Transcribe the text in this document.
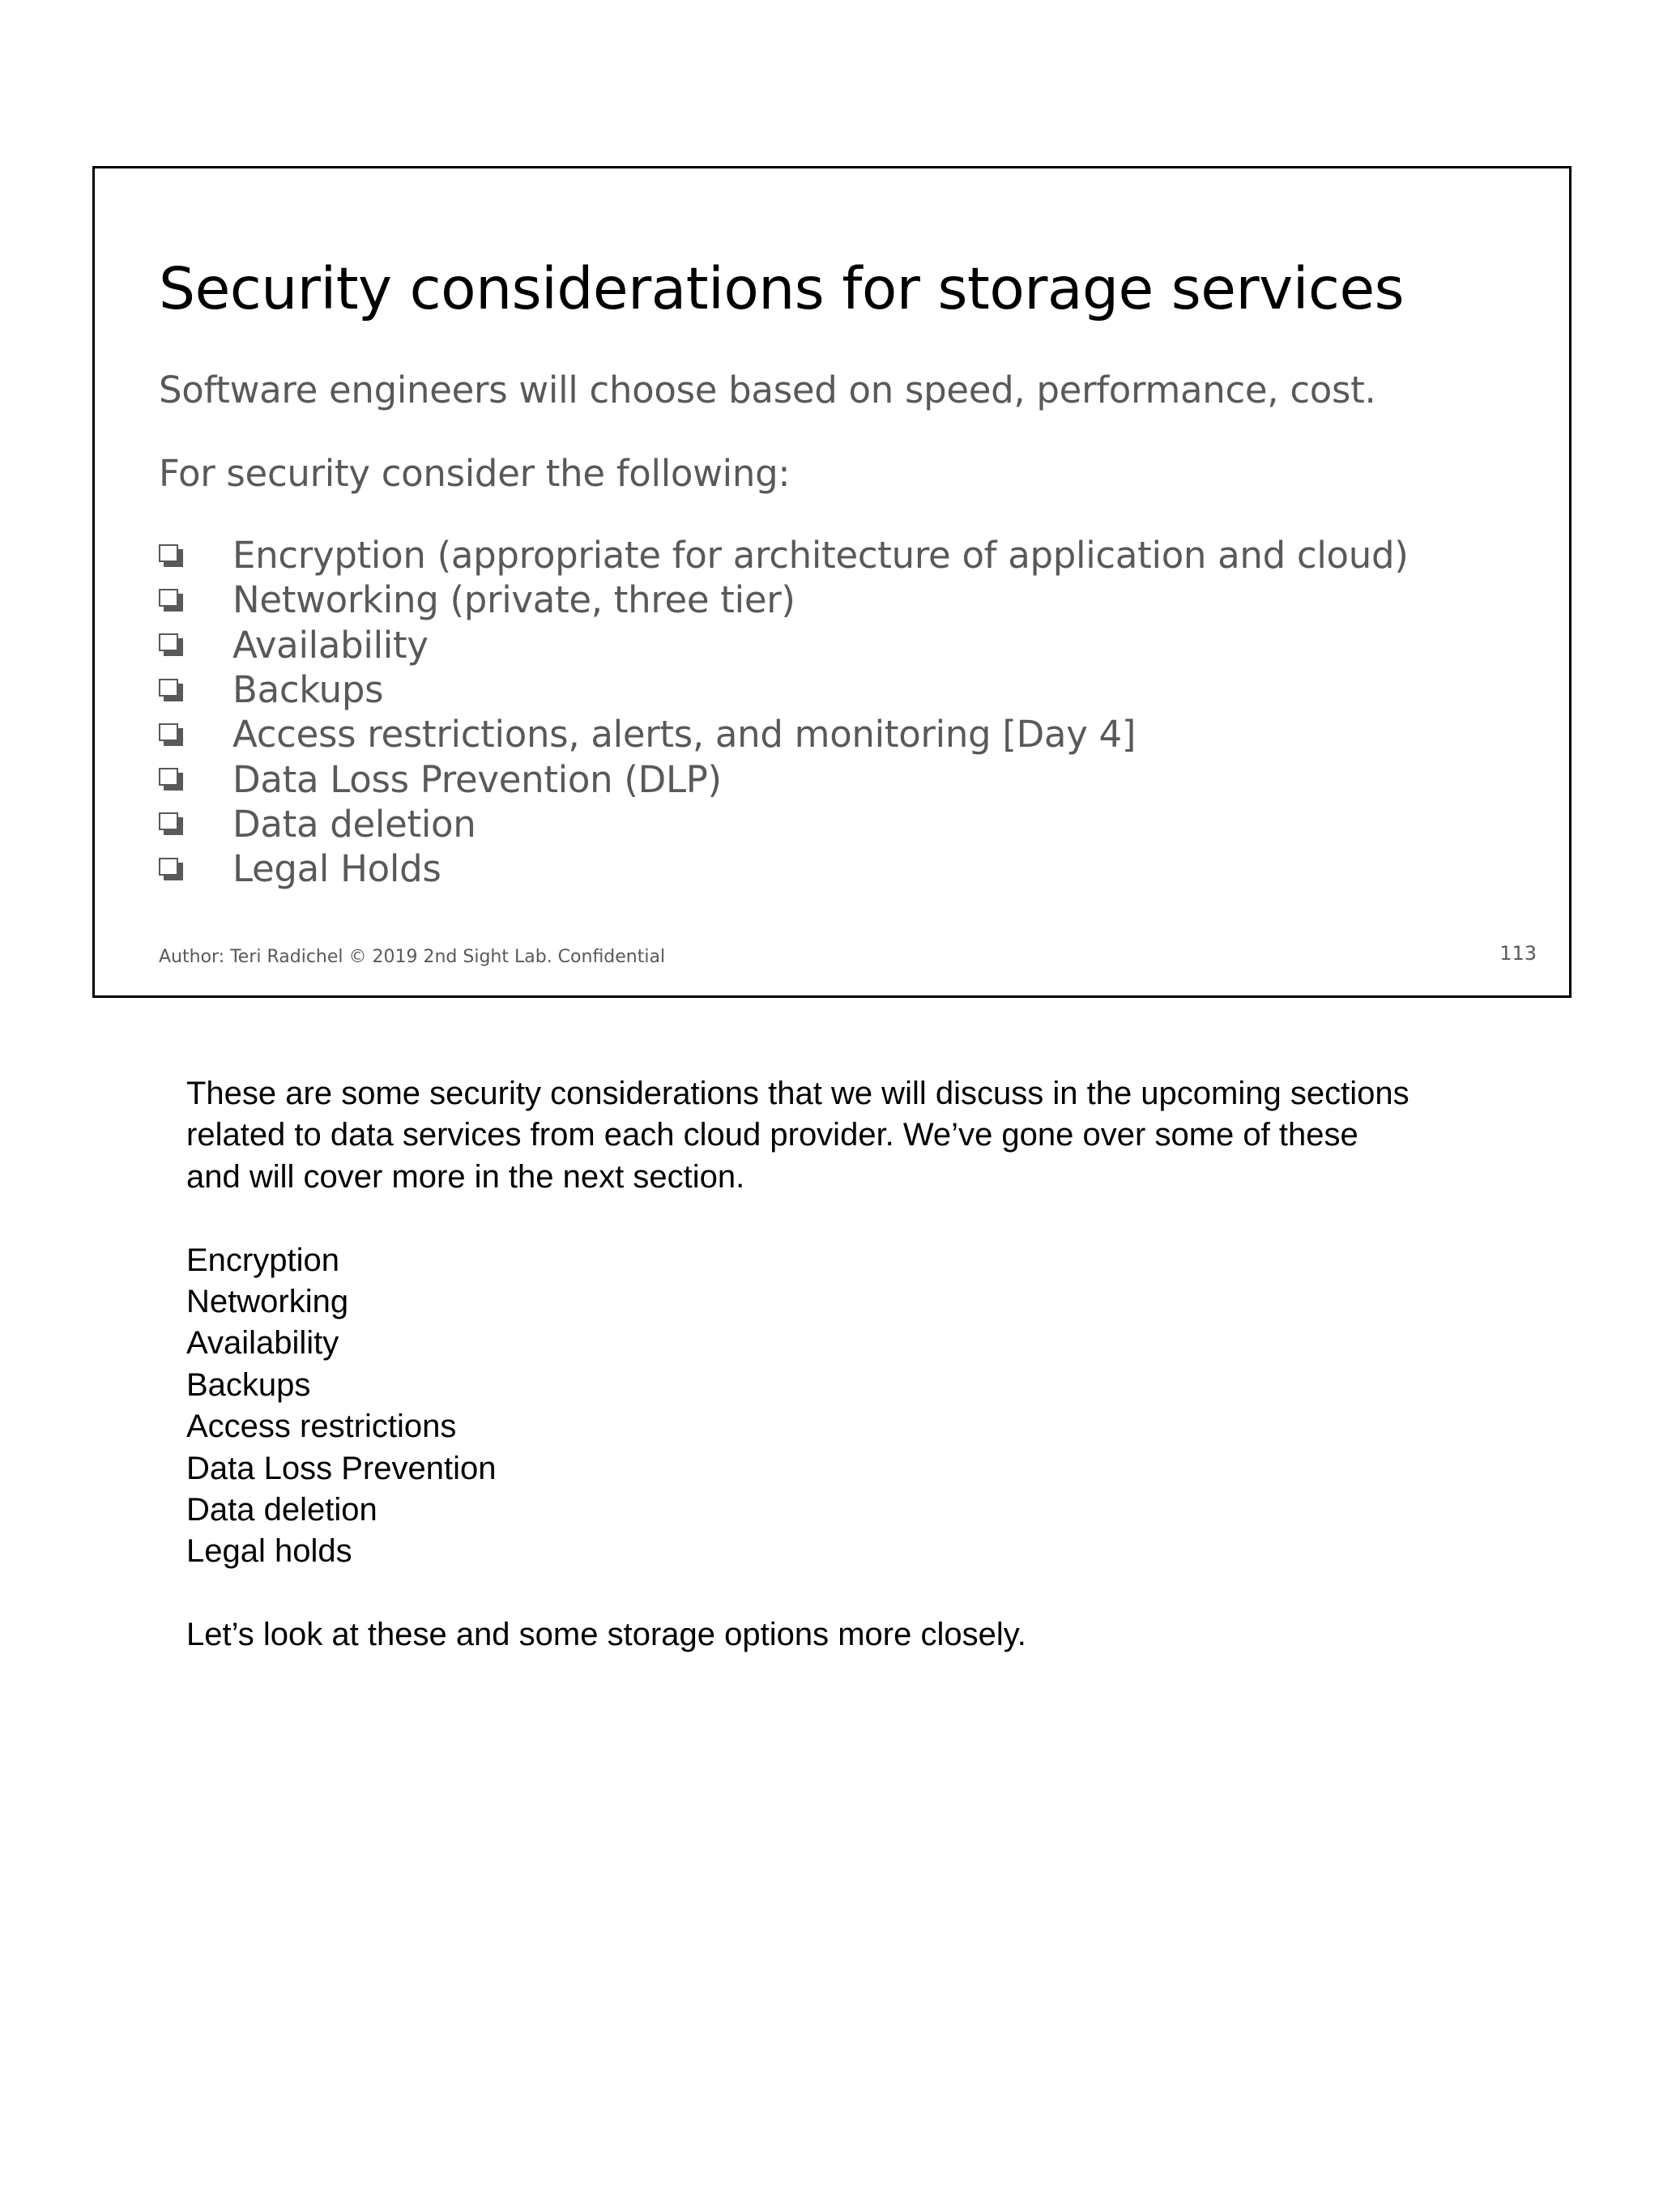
Security considerations for storage services

Software engineers will choose based on speed, performance, cost.

For security consider the following:

Encryption (appropriate for architecture of application and cloud)
Networking (private, three tier)
Availability
Backups
Access restrictions, alerts, and monitoring [Day 4]
Data Loss Prevention (DLP)
Data deletion
Legal Holds
Author: Teri Radichel © 2019 2nd Sight Lab. Confidential	113

These are some security considerations that we will discuss in the upcoming sections

related to data services from each cloud provider. We’ve gone over some of these

and will cover more in the next section.

Encryption

Networking

Availability

Backups

Access restrictions

Data Loss Prevention

Data deletion

Legal holds

Let’s look at these and some storage options more closely.
